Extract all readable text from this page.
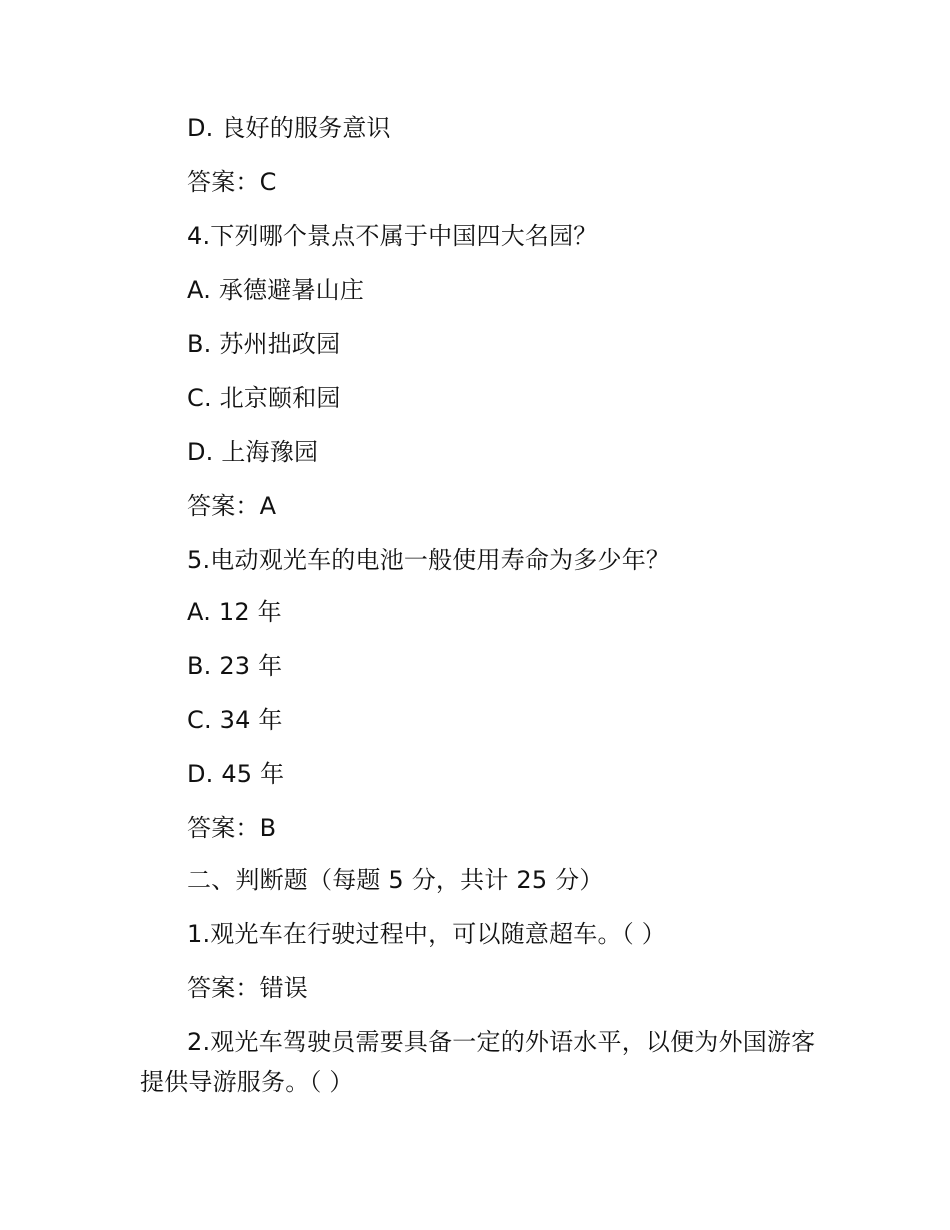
D. 良好的服务意识
答案：C
4.下列哪个景点不属于中国四大名园？
A. 承德避暑山庄
B. 苏州拙政园
C. 北京颐和园
D. 上海豫园
答案：A
5.电动观光车的电池一般使用寿命为多少年？
A. 12 年
B. 23 年
C. 34 年
D. 45 年
答案：B
二、判断题（每题 5 分，共计 25 分）
1.观光车在行驶过程中，可以随意超车。（ ）
答案：错误
2.观光车驾驶员需要具备一定的外语水平，以便为外国游客提供导游服务。（ ）
